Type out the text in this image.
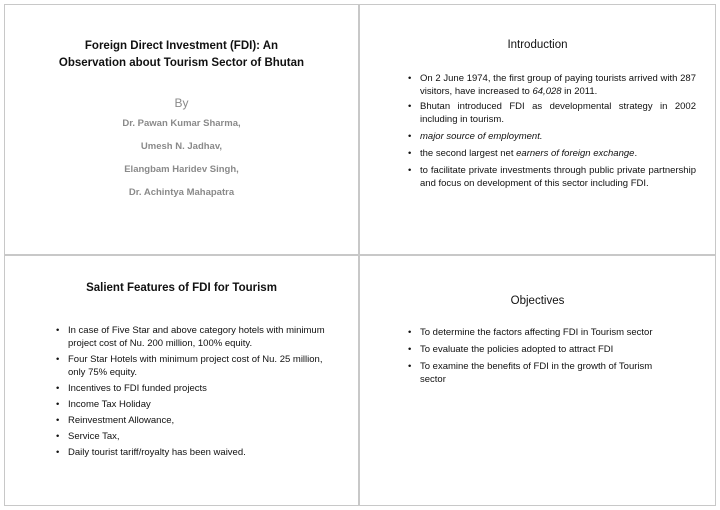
Foreign Direct Investment (FDI): An
Observation about Tourism Sector of Bhutan
By
Dr. Pawan Kumar Sharma,
Umesh N. Jadhav,
Elangbam Haridev Singh,
Dr. Achintya Mahapatra
Introduction
• On 2 June 1974, the first group of paying tourists arrived with 287 visitors, have increased to 64,028 in 2011.
• Bhutan introduced FDI as developmental strategy in 2002 including in tourism.
• major source of employment.
• the second largest net earners of foreign exchange.
• to facilitate private investments through public private partnership and focus on development of this sector including FDI.
Salient Features of FDI for Tourism
• In case of Five Star and above category hotels with minimum project cost of Nu. 200 million, 100% equity.
• Four Star Hotels with minimum project cost of Nu. 25 million, only 75% equity.
• Incentives to FDI funded projects
• Income Tax Holiday
• Reinvestment Allowance,
• Service Tax,
• Daily tourist tariff/royalty has been waived.
Objectives
• To determine the factors affecting FDI in Tourism sector
• To evaluate the policies adopted to attract FDI
• To examine the benefits of FDI in the growth of Tourism sector
